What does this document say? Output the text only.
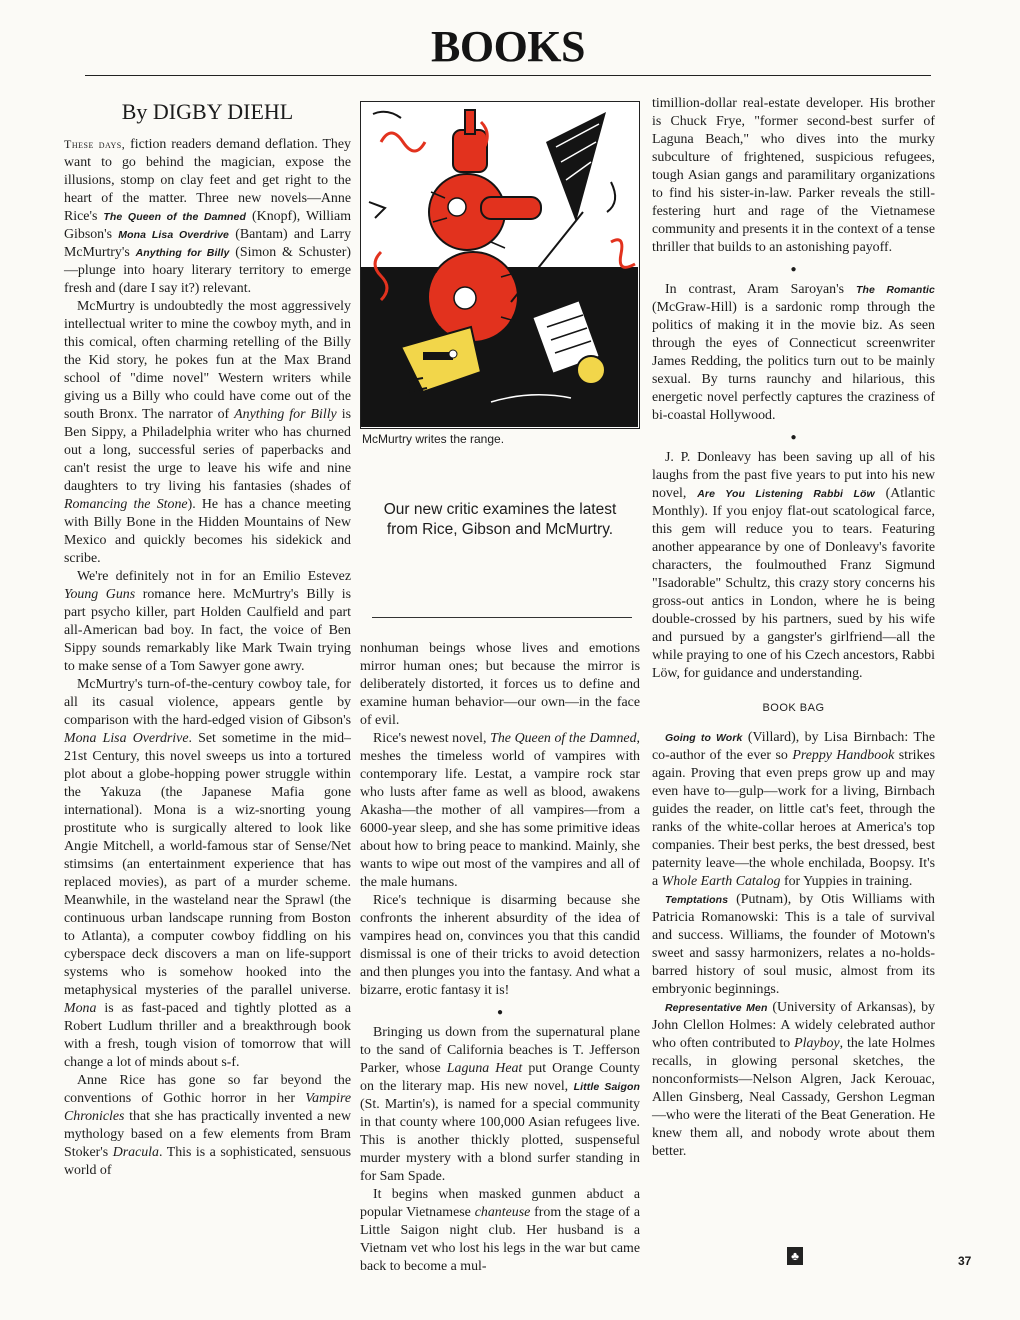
BOOKS
By DIGBY DIEHL

These days, fiction readers demand deflation. They want to go behind the magician, expose the illusions, stomp on clay feet and get right to the heart of the matter. Three new novels—Anne Rice's The Queen of the Damned (Knopf), William Gibson's Mona Lisa Overdrive (Bantam) and Larry McMurtry's Anything for Billy (Simon & Schuster)—plunge into hoary literary territory to emerge fresh and (dare I say it?) relevant.

McMurtry is undoubtedly the most aggressively intellectual writer to mine the cowboy myth, and in this comical, often charming retelling of the Billy the Kid story, he pokes fun at the Max Brand school of "dime novel" Western writers while giving us a Billy who could have come out of the south Bronx. The narrator of Anything for Billy is Ben Sippy, a Philadelphia writer who has churned out a long, successful series of paperbacks and can't resist the urge to leave his wife and nine daughters to try living his fantasies (shades of Romancing the Stone). He has a chance meeting with Billy Bone in the Hidden Mountains of New Mexico and quickly becomes his sidekick and scribe.

We're definitely not in for an Emilio Estevez Young Guns romance here. McMurtry's Billy is part psycho killer, part Holden Caulfield and part all-American bad boy. In fact, the voice of Ben Sippy sounds remarkably like Mark Twain trying to make sense of a Tom Sawyer gone awry.

McMurtry's turn-of-the-century cowboy tale, for all its casual violence, appears gentle by comparison with the hard-edged vision of Gibson's Mona Lisa Overdrive. Set sometime in the mid–21st Century, this novel sweeps us into a tortured plot about a globe-hopping power struggle within the Yakuza (the Japanese Mafia gone international). Mona is a wiz-snorting young prostitute who is surgically altered to look like Angie Mitchell, a world-famous star of Sense/Net stimsims (an entertainment experience that has replaced movies), as part of a murder scheme. Meanwhile, in the wasteland near the Sprawl (the continuous urban landscape running from Boston to Atlanta), a computer cowboy fiddling on his cyberspace deck discovers a man on life-support systems who is somehow hooked into the metaphysical mysteries of the parallel universe. Mona is as fast-paced and tightly plotted as a Robert Ludlum thriller and a breakthrough book with a fresh, tough vision of tomorrow that will change a lot of minds about s-f.

Anne Rice has gone so far beyond the conventions of Gothic horror in her Vampire Chronicles that she has practically invented a new mythology based on a few elements from Bram Stoker's Dracula. This is a sophisticated, sensuous world of

McMurtry writes the range.
Our new critic examines the latest from Rice, Gibson and McMurtry.

nonhuman beings whose lives and emotions mirror human ones; but because the mirror is deliberately distorted, it forces us to define and examine human behavior—our own—in the face of evil.

Rice's newest novel, The Queen of the Damned, meshes the timeless world of vampires with contemporary life. Lestat, a vampire rock star who lusts after fame as well as blood, awakens Akasha—the mother of all vampires—from a 6000-year sleep, and she has some primitive ideas about how to bring peace to mankind. Mainly, she wants to wipe out most of the vampires and all of the male humans.

Rice's technique is disarming because she confronts the inherent absurdity of the idea of vampires head on, convinces you that this candid dismissal is one of their tricks to avoid detection and then plunges you into the fantasy. And what a bizarre, erotic fantasy it is!

●

Bringing us down from the supernatural plane to the sand of California beaches is T. Jefferson Parker, whose Laguna Heat put Orange County on the literary map. His new novel, Little Saigon (St. Martin's), is named for a special community in that county where 100,000 Asian refugees live. This is another thickly plotted, suspenseful murder mystery with a blond surfer standing in for Sam Spade.

It begins when masked gunmen abduct a popular Vietnamese chanteuse from the stage of a Little Saigon night club. Her husband is a Vietnam vet who lost his legs in the war but came back to become a mul-

timillion-dollar real-estate developer. His brother is Chuck Frye, "former second-best surfer of Laguna Beach," who dives into the murky subculture of frightened, suspicious refugees, tough Asian gangs and paramilitary organizations to find his sister-in-law. Parker reveals the still-festering hurt and rage of the Vietnamese community and presents it in the context of a tense thriller that builds to an astonishing payoff.

●

In contrast, Aram Saroyan's The Romantic (McGraw-Hill) is a sardonic romp through the politics of making it in the movie biz. As seen through the eyes of Connecticut screenwriter James Redding, the politics turn out to be mainly sexual. By turns raunchy and hilarious, this energetic novel perfectly captures the craziness of bi-coastal Hollywood.

●

J. P. Donleavy has been saving up all of his laughs from the past five years to put into his new novel, Are You Listening Rabbi Löw (Atlantic Monthly). If you enjoy flat-out scatological farce, this gem will reduce you to tears. Featuring another appearance by one of Donleavy's favorite characters, the foulmouthed Franz Sigmund "Isadorable" Schultz, this crazy story concerns his gross-out antics in London, where he is being double-crossed by his partners, sued by his wife and pursued by a gangster's girlfriend—all the while praying to one of his Czech ancestors, Rabbi Löw, for guidance and understanding.

BOOK BAG

Going to Work (Villard), by Lisa Birnbach: The co-author of the ever so Preppy Handbook strikes again. Proving that even preps grow up and may even have to—gulp—work for a living, Birnbach guides the reader, on little cat's feet, through the ranks of the white-collar heroes at America's top companies. Their best perks, the best dressed, best paternity leave—the whole enchilada, Boopsy. It's a Whole Earth Catalog for Yuppies in training.

Temptations (Putnam), by Otis Williams with Patricia Romanowski: This is a tale of survival and success. Williams, the founder of Motown's sweet and sassy harmonizers, relates a no-holds-barred history of soul music, almost from its embryonic beginnings.

Representative Men (University of Arkansas), by John Clellon Holmes: A widely celebrated author who often contributed to Playboy, the late Holmes recalls, in glowing personal sketches, the nonconformists—Nelson Algren, Jack Kerouac, Allen Ginsberg, Neal Cassady, Gershon Legman—who were the literati of the Beat Generation. He knew them all, and nobody wrote about them better.

♣	37
